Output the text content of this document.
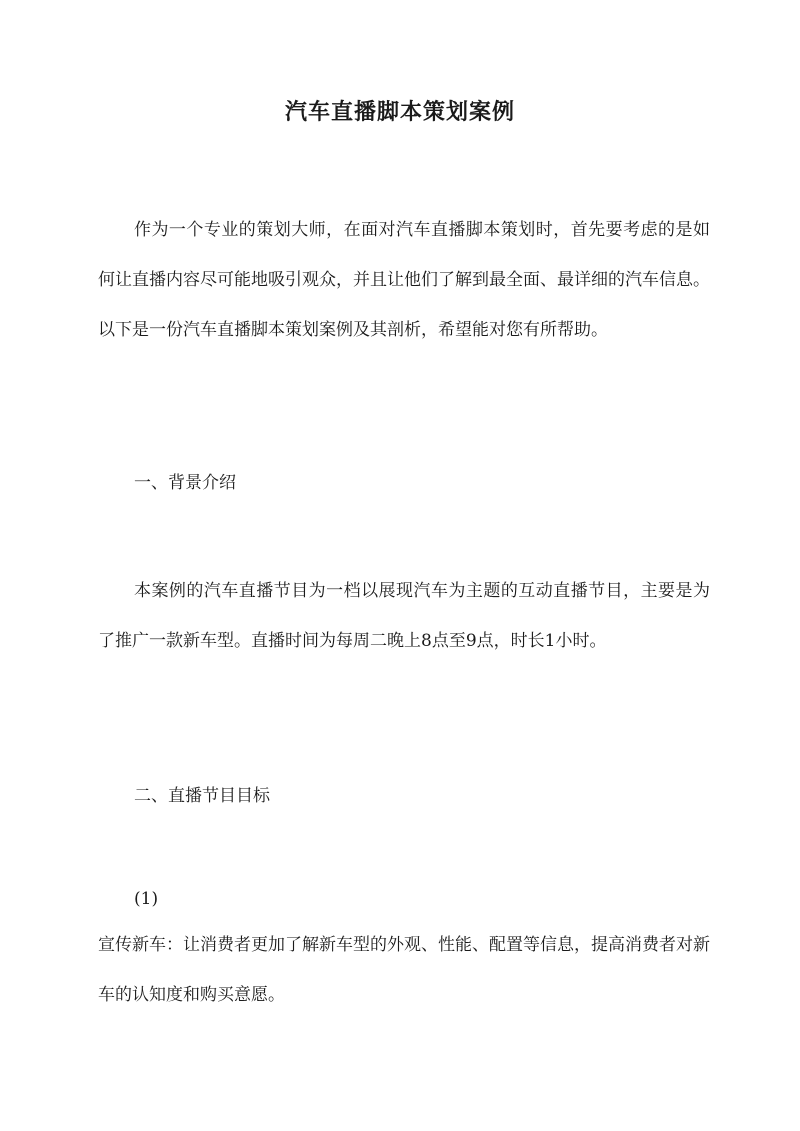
汽车直播脚本策划案例
作为一个专业的策划大师，在面对汽车直播脚本策划时，首先要考虑的是如何让直播内容尽可能地吸引观众，并且让他们了解到最全面、最详细的汽车信息。以下是一份汽车直播脚本策划案例及其剖析，希望能对您有所帮助。
一、背景介绍
本案例的汽车直播节目为一档以展现汽车为主题的互动直播节目，主要是为了推广一款新车型。直播时间为每周二晚上8点至9点，时长1小时。
二、直播节目目标
(1)
宣传新车：让消费者更加了解新车型的外观、性能、配置等信息，提高消费者对新车的认知度和购买意愿。
